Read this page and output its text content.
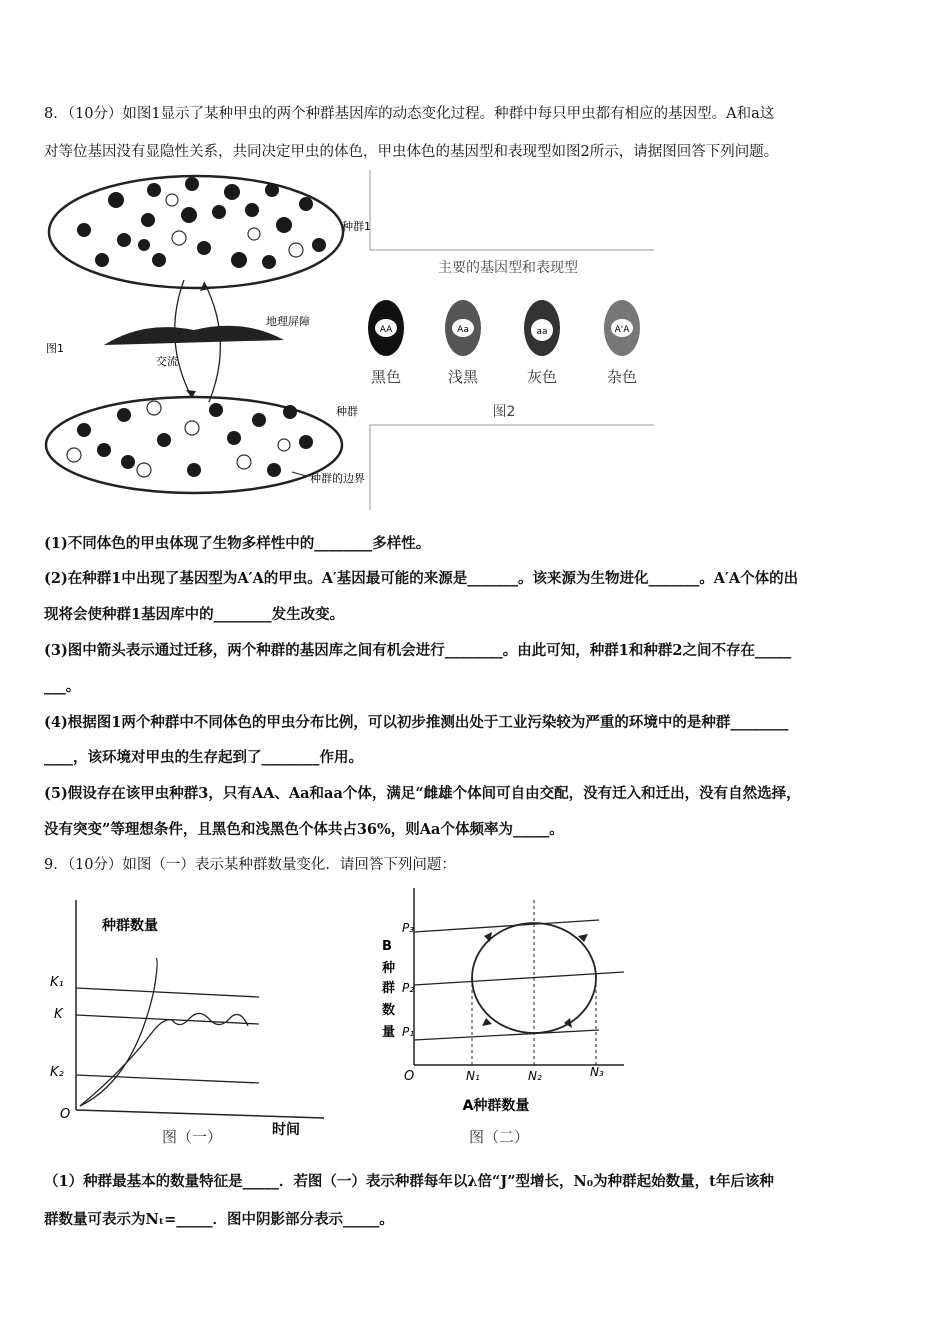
8．（10分）如图1显示了某种甲虫的两个种群基因库的动态变化过程。种群中每只甲虫都有相应的基因型。A和a这
对等位基因没有显隐性关系，共同决定甲虫的体色，甲虫体色的基因型和表现型如图2所示，请据图回答下列问题。
种群1
地理屏障
图1
交流
种群
种群的边界
主要的基因型和表现型
AA	Aa	aa	A'A
黑色	浅黑	灰色	杂色
图2
(1)不同体色的甲虫体现了生物多样性中的________多样性。
(2)在种群1中出现了基因型为A′A的甲虫。A′基因最可能的来源是_______。该来源为生物进化_______。A′A个体的出
现将会使种群1基因库中的________发生改变。
(3)图中箭头表示通过迁移，两个种群的基因库之间有机会进行________。由此可知，种群1和种群2之间不存在_____
___。
(4)根据图1两个种群中不同体色的甲虫分布比例，可以初步推测出处于工业污染较为严重的环境中的是种群________
____，该环境对甲虫的生存起到了________作用。
(5)假设存在该甲虫种群3，只有AA、Aa和aa个体，满足“雌雄个体间可自由交配，没有迁入和迁出，没有自然选择，
没有突变”等理想条件，且黑色和浅黑色个体共占36%，则Aa个体频率为_____。
9．（10分）如图（一）表示某种群数量变化．请回答下列问题：
种群数量
K₁
K
K₂
O
图（一）	时间
B
种
群
数
量
P₃
P₂
P₁
O	N₁	N₂	N₃
A种群数量
图（二）
（1）种群最基本的数量特征是_____．若图（一）表示种群每年以λ倍“J”型增长，N₀为种群起始数量，t年后该种
群数量可表示为Nₜ=_____．图中阴影部分表示_____。
